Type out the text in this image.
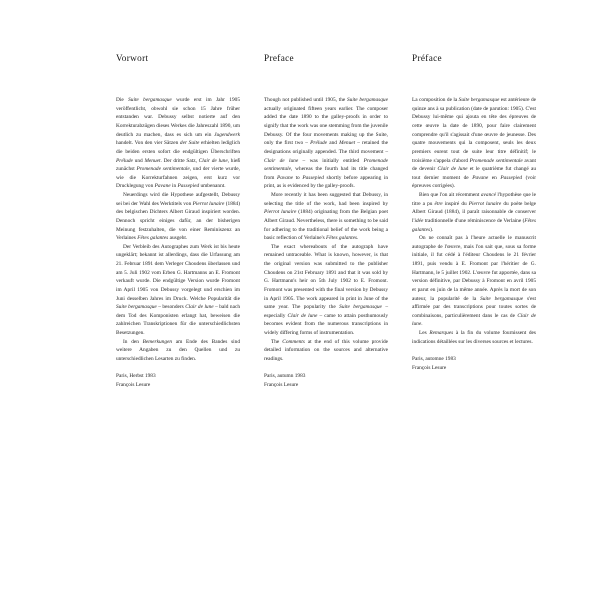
Vorwort

Die Suite bergamasque wurde erst im Jahr 1905 veröffentlicht, obwohl sie schon 15 Jahre früher entstanden war. Debussy selbst notierte auf den Korrekturabzügen dieses Werkes die Jahreszahl 1890, um deutlich zu machen, dass es sich um ein Jugendwerk handelt. Von den vier Sätzen der Suite erhielten lediglich die beiden ersten sofort die endgültigen Überschriften Prélude und Menuet. Der dritte Satz, Clair de lune, hieß zunächst Promenade sentimentale, und der vierte wurde, wie die Korrekturfahnen zeigen, erst kurz vor Drucklegung von Pavane in Passepied umbenannt.

Neuerdings wird die Hypothese aufgestellt, Debussy sei bei der Wahl des Werktitels von Pierrot lunaire (1884) des belgischen Dichters Albert Giraud inspiriert worden. Dennoch spricht einiges dafür, an der bisherigen Meinung festzuhalten, die von einer Reminiszenz an Verlaines Fêtes galantes ausgeht.

Der Verbleib des Autographes zum Werk ist bis heute ungeklärt; bekannt ist allerdings, dass die Urfassung am 21. Februar 1891 dem Verleger Choudens überlassen und am 5. Juli 1902 vom Erben G. Hartmanns an E. Fromont verkauft wurde. Die endgültige Version wurde Fromont im April 1905 von Debussy vorgelegt und erschien im Juni desselben Jahres im Druck. Welche Popularität die Suite bergamasque – besonders Clair de lune – bald nach dem Tod des Komponisten erlangt hat, beweisen die zahlreichen Transkriptionen für die unterschiedlichsten Besetzungen.

In den Bemerkungen am Ende des Bandes sind weitere Angaben zu den Quellen und zu unterschiedlichen Lesarten zu finden.

Paris, Herbst 1983
François Lesure
Preface

Though not published until 1905, the Suite bergamasque actually originated fifteen years earlier. The composer added the date 1890 to the galley-proofs in order to signify that the work was one stemming from the juvenile Debussy. Of the four movements making up the Suite, only the first two – Prélude and Menuet – retained the designations originally appended. The third movement – Clair de lune – was initially entitled Promenade sentimentale, whereas the fourth had its title changed from Pavane to Passepied shortly before appearing in print, as is evidenced by the galley-proofs.

More recently it has been suggested that Debussy, in selecting the title of the work, had been inspired by Pierrot lunaire (1884) originating from the Belgian poet Albert Giraud. Nevertheless, there is something to be said for adhering to the traditional belief of the work being a basic reflection of Verlaine's Fêtes galantes.

The exact whereabouts of the autograph have remained untraceable. What is known, however, is that the original version was submitted to the publisher Choudens on 21st February 1891 and that it was sold by G. Hartmann's heir on 5th July 1902 to E. Fromont. Fromont was presented with the final version by Debussy in April 1905. The work appeared in print in June of the same year. The popularity the Suite bergamasque – especially Clair de lune – came to attain posthumously becomes evident from the numerous transcriptions in widely differing forms of instrumentation.

The Comments at the end of this volume provide detailed information on the sources and alternative readings.

Paris, autumn 1983
François Lesure
Préface

La composition de la Suite bergamasque est antérieure de quinze ans à sa publication (date de parution: 1905). C'est Debussy lui-même qui ajouta en tête des épreuves de cette œuvre la date de 1890, pour faire clairement comprendre qu'il s'agissait d'une œuvre de jeunesse. Des quatre mouvements qui la composent, seuls les deux premiers eurent tout de suite leur titre définitif; le troisième s'appela d'abord Promenade sentimentale avant de devenir Clair de lune et le quatrième fut changé au tout dernier moment de Pavane en Passepied (voir épreuves corrigées).

Bien que l'on ait récemment avancé l'hypothèse que le titre a pu être inspiré du Pierrot lunaire du poète belge Albert Giraud (1884), il paraît raisonnable de conserver l'idée traditionnelle d'une réminiscence de Verlaine (Fêtes galantes).

On ne connaît pas à l'heure actuelle le manuscrit autographe de l'œuvre, mais l'on sait que, sous sa forme initiale, il fut cédé à l'éditeur Choudens le 21 février 1891, puis vendu à E. Fromont par l'héritier de G. Hartmann, le 5 juillet 1902. L'œuvre fut apportée, dans sa version définitive, par Debussy à Fromont en avril 1905 et parut en juin de la même année. Après la mort de son auteur, la popularité de la Suite bergamasque s'est affirmée par des transcriptions pour toutes sortes de combinaisons, particulièrement dans le cas de Clair de lune.

Les Remarques à la fin du volume fournissent des indications détaillées sur les diverses sources et lectures.

Paris, automne 1983
François Lesure
